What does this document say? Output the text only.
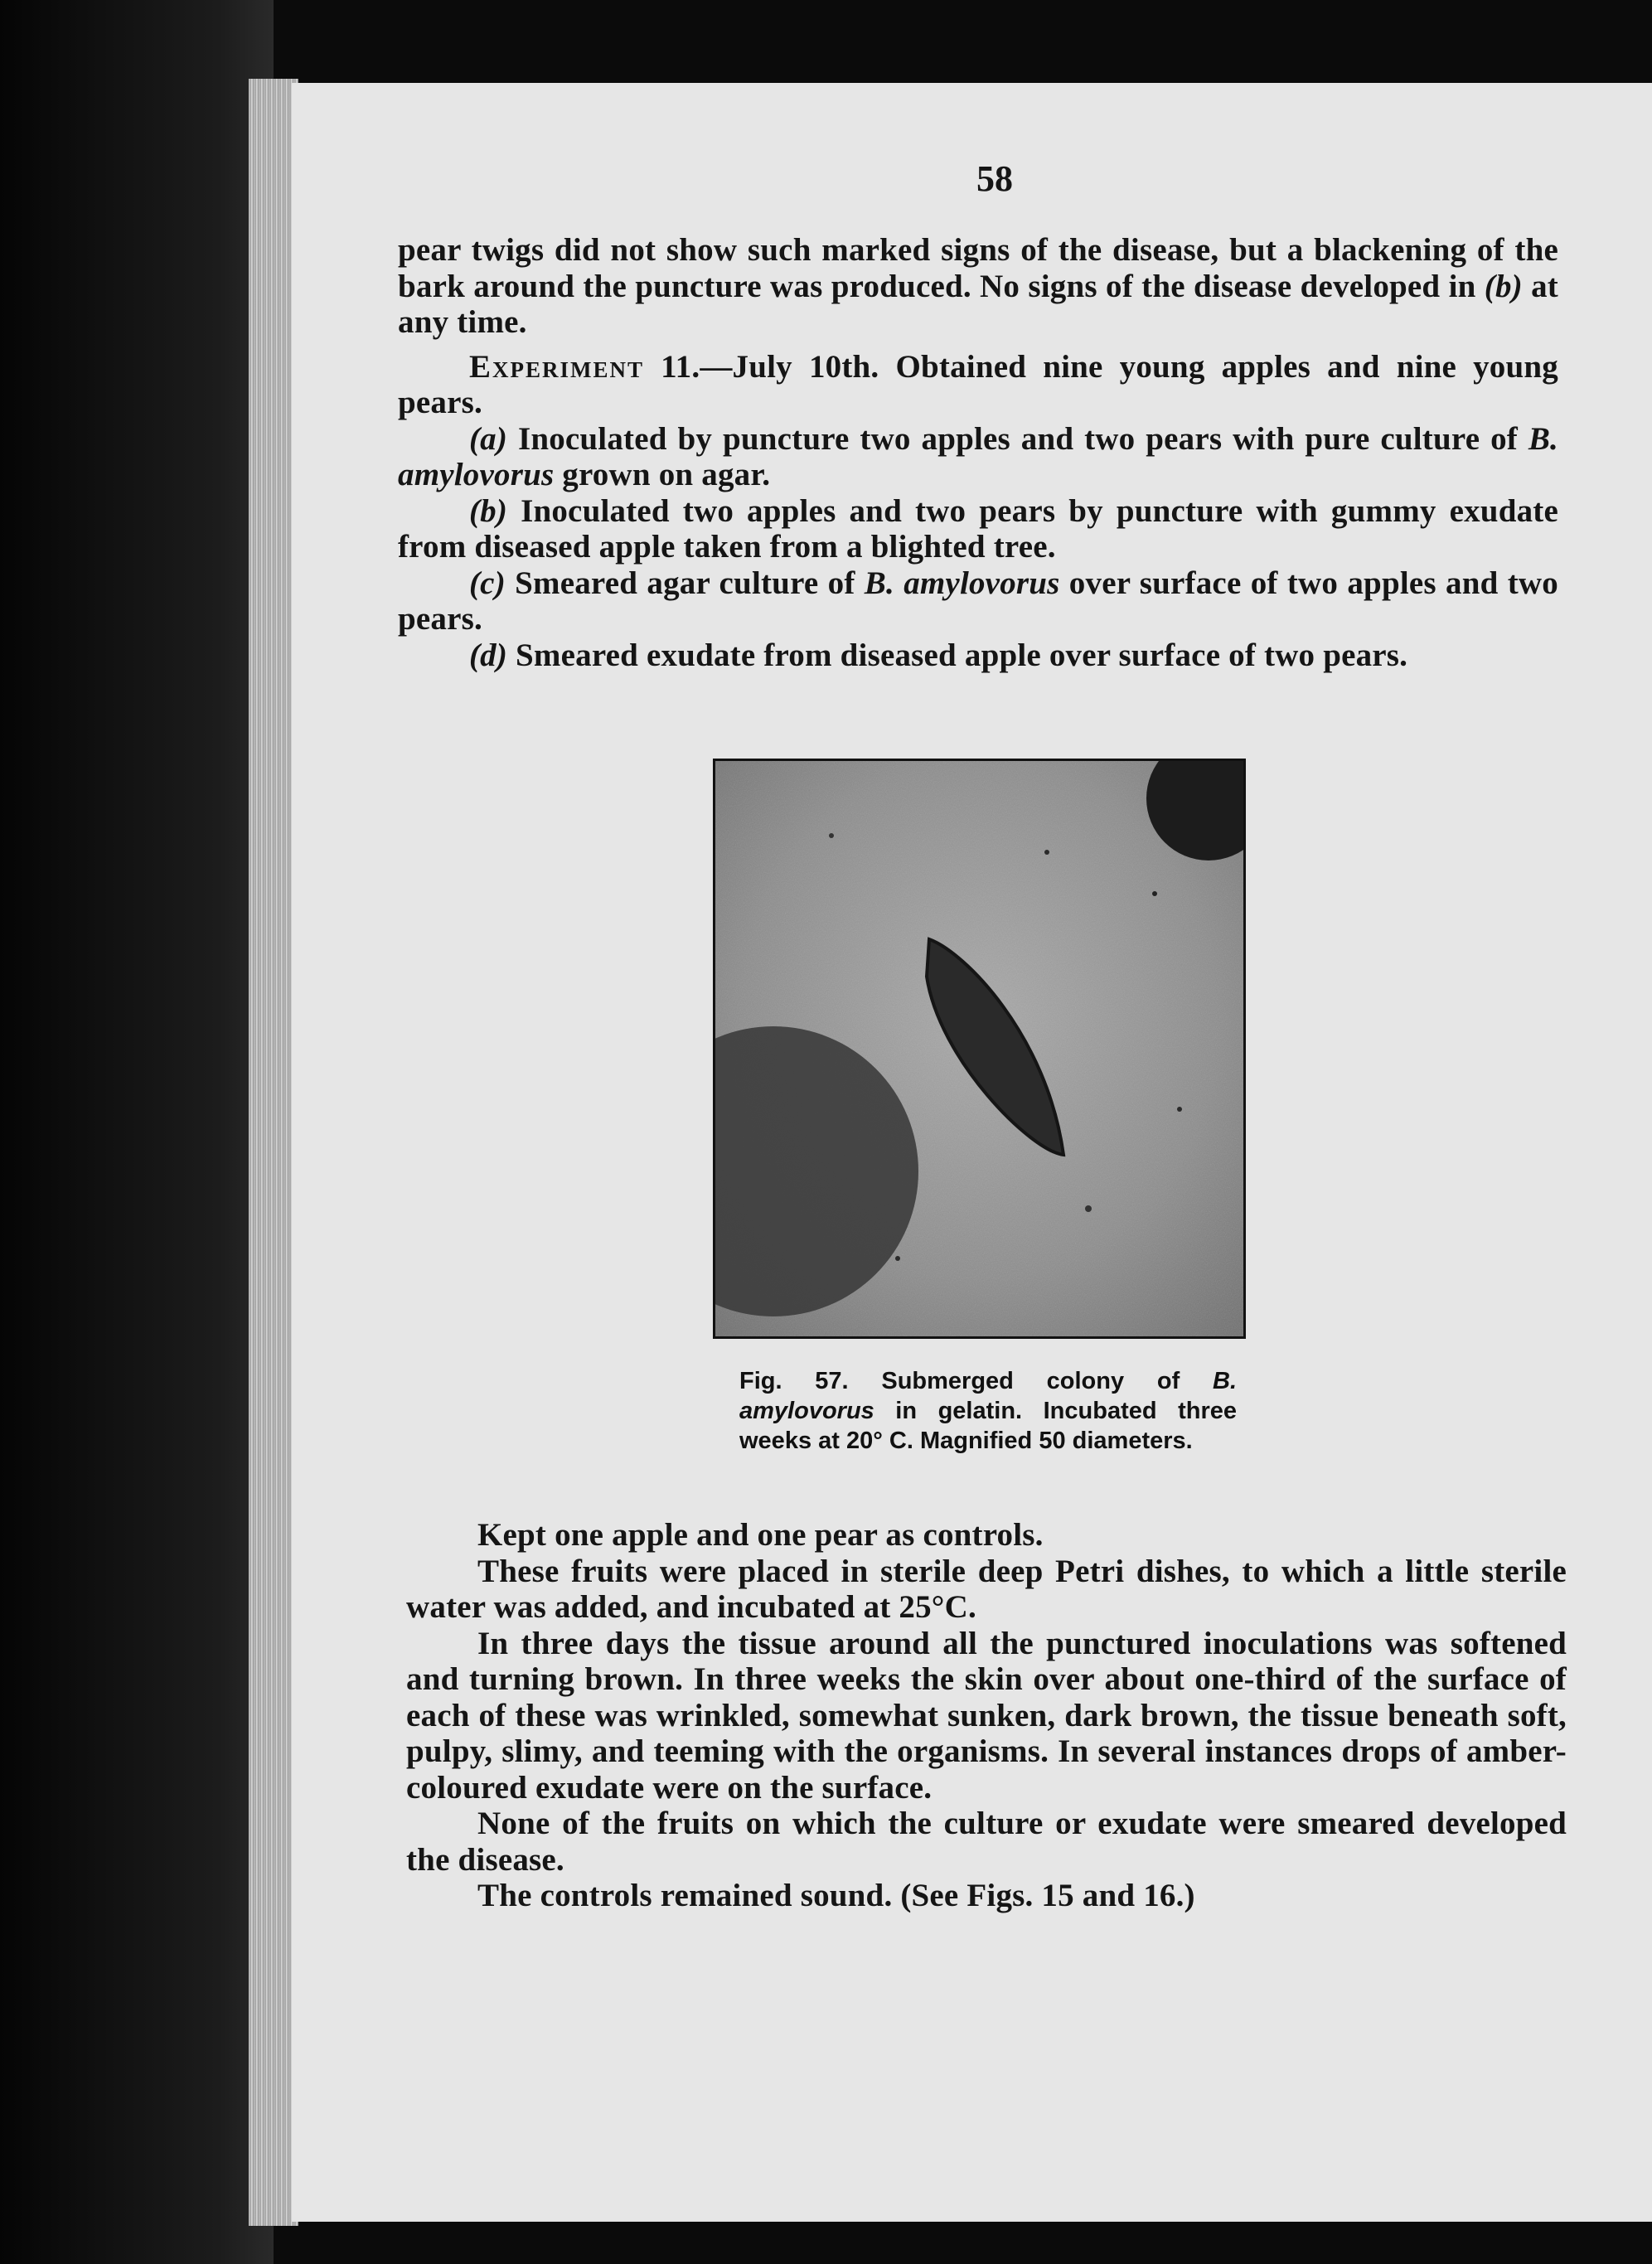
58

pear twigs did not show such marked signs of the disease, but a blackening of the bark around the puncture was produced. No signs of the disease developed in (b) at any time.

Experiment 11.—July 10th. Obtained nine young apples and nine young pears.

(a) Inoculated by puncture two apples and two pears with pure culture of B. amylovorus grown on agar.

(b) Inoculated two apples and two pears by puncture with gummy exudate from diseased apple taken from a blighted tree.

(c) Smeared agar culture of B. amylovorus over surface of two apples and two pears.

(d) Smeared exudate from diseased apple over surface of two pears.

Fig. 57. Submerged colony of B. amylovorus in gelatin. Incubated three weeks at 20° C. Magnified 50 diameters.

Kept one apple and one pear as controls.

These fruits were placed in sterile deep Petri dishes, to which a little sterile water was added, and incubated at 25°C.

In three days the tissue around all the punctured inoculations was softened and turning brown. In three weeks the skin over about one-third of the surface of each of these was wrinkled, somewhat sunken, dark brown, the tissue beneath soft, pulpy, slimy, and teeming with the organisms. In several instances drops of amber-coloured exudate were on the surface.

None of the fruits on which the culture or exudate were smeared developed the disease.

The controls remained sound. (See Figs. 15 and 16.)
